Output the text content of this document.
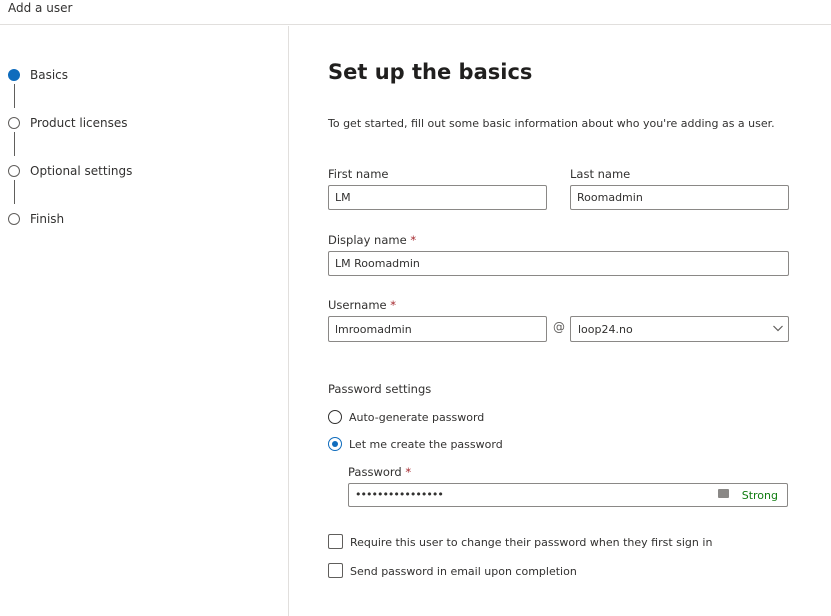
Add a user
Basics
Product licenses
Optional settings
Finish
Set up the basics
To get started, fill out some basic information about who you're adding as a user.
First name
LM	Last name
Roomadmin
Display name *
LM Roomadmin
Username *
lmroomadmin
@ loop24.no
Password settings
Auto-generate password
Let me create the password
Password *
••••••••••••••••	Strong
Require this user to change their password when they first sign in
Send password in email upon completion
